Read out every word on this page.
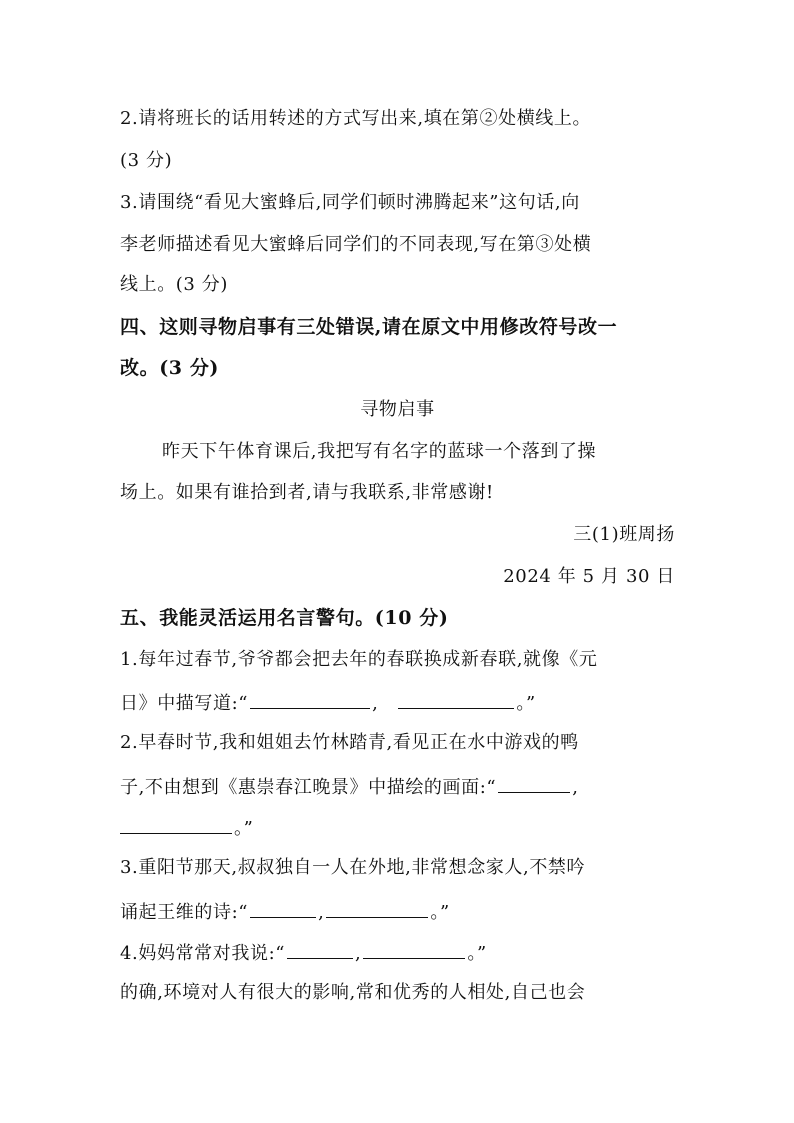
2.请将班长的话用转述的方式写出来,填在第②处横线上。
(3 分)
3.请围绕“看见大蜜蜂后,同学们顿时沸腾起来”这句话,向
李老师描述看见大蜜蜂后同学们的不同表现,写在第③处横
线上。(3 分)
四、这则寻物启事有三处错误,请在原文中用修改符号改一
改。(3 分)
寻物启事
昨天下午体育课后,我把写有名字的蓝球一个落到了操
场上。如果有谁拾到者,请与我联系,非常感谢!
三(1)班周扬
2024 年 5 月 30 日
五、我能灵活运用名言警句。(10 分)
1.每年过春节,爷爷都会把去年的春联换成新春联,就像《元
日》中描写道:“	,	。”
2.早春时节,我和姐姐去竹林踏青,看见正在水中游戏的鸭
子,不由想到《惠崇春江晚景》中描绘的画面:“	,
。”
3.重阳节那天,叔叔独自一人在外地,非常想念家人,不禁吟
诵起王维的诗:“	,	。”
4.妈妈常常对我说:“	,	。”
的确,环境对人有很大的影响,常和优秀的人相处,自己也会
